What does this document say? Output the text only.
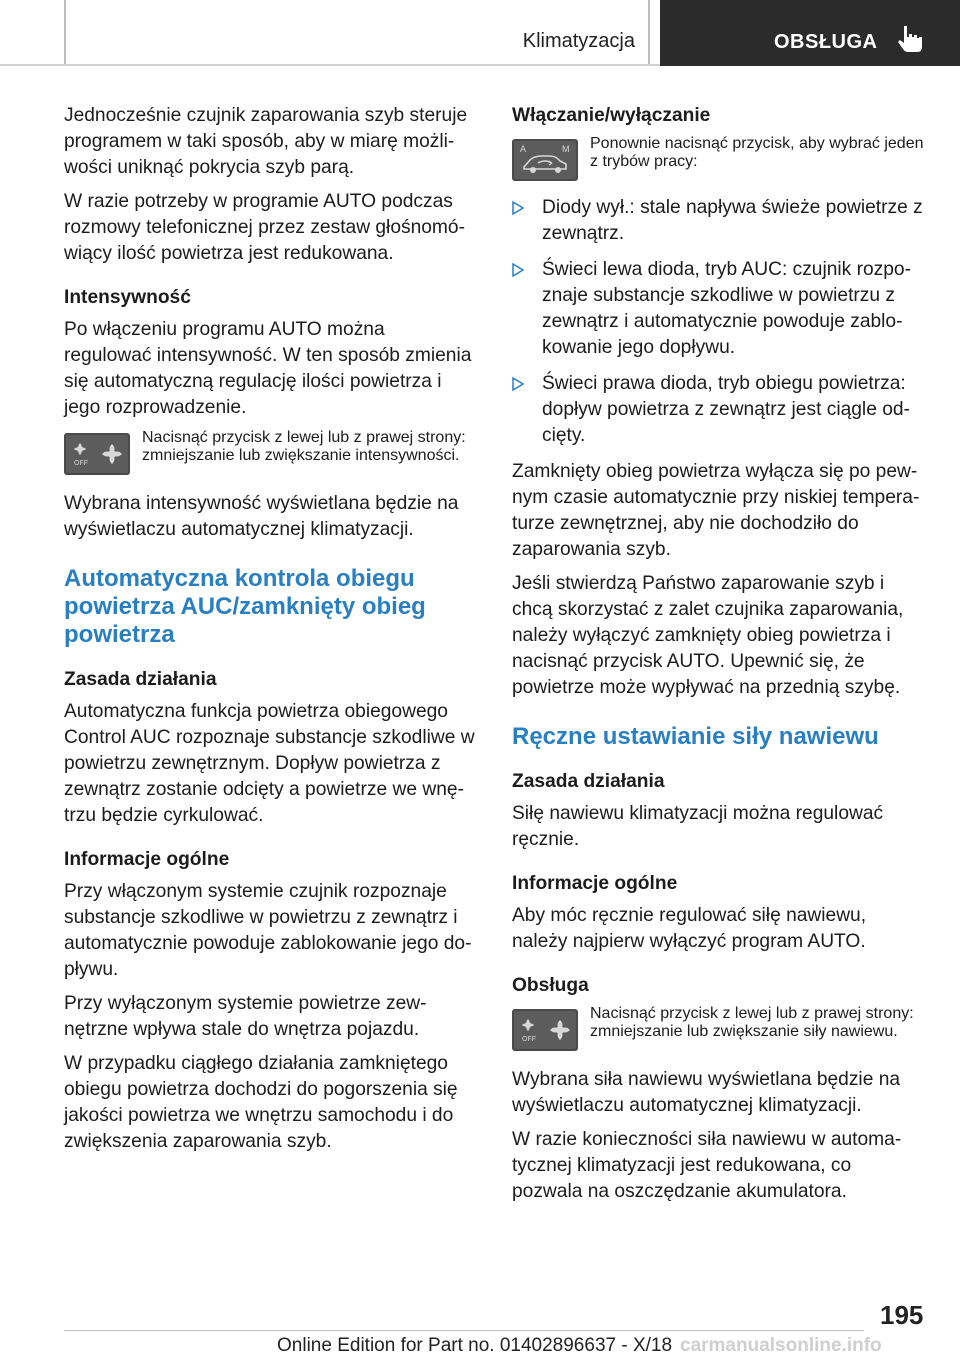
Klimatyzacja	OBSŁUGA

Jednocześnie czujnik zaparowania szyb steruje programem w taki sposób, aby w miarę możliwości uniknąć pokrycia szyb parą.

W razie potrzeby w programie AUTO podczas rozmowy telefonicznej przez zestaw głośnomówiący ilość powietrza jest redukowana.

Intensywność

Po włączeniu programu AUTO można regulować intensywność. W ten sposób zmienia się automatyczną regulację ilości powietrza i jego rozprowadzenie.

OFF
Nacisnąć przycisk z lewej lub z prawej strony: zmniejszanie lub zwiększanie intensywności.

Wybrana intensywność wyświetlana będzie na wyświetlaczu automatycznej klimatyzacji.

Automatyczna kontrola obiegu powietrza AUC/zamknięty obieg powietrza
Zasada działania

Automatyczna funkcja powietrza obiegowego Control AUC rozpoznaje substancje szkodliwe w powietrzu zewnętrznym. Dopływ powietrza z zewnątrz zostanie odcięty a powietrze we wnętrzu będzie cyrkulować.

Informacje ogólne

Przy włączonym systemie czujnik rozpoznaje substancje szkodliwe w powietrzu z zewnątrz i automatycznie powoduje zablokowanie jego dopływu.

Przy wyłączonym systemie powietrze zewnętrzne wpływa stale do wnętrza pojazdu.

W przypadku ciągłego działania zamkniętego obiegu powietrza dochodzi do pogorszenia się jakości powietrza we wnętrzu samochodu i do zwiększenia zaparowania szyb.

Włączanie/wyłączanie
A	M	Ponownie nacisnąć przycisk, aby wybrać jeden z trybów pracy:
Diody wył.: stale napływa świeże powietrze z zewnątrz.
Świeci lewa dioda, tryb AUC: czujnik rozpoznaje substancje szkodliwe w powietrzu z zewnątrz i automatycznie powoduje zablokowanie jego dopływu.
Świeci prawa dioda, tryb obiegu powietrza: dopływ powietrza z zewnątrz jest ciągle odcięty.

Zamknięty obieg powietrza wyłącza się po pewnym czasie automatycznie przy niskiej temperaturze zewnętrznej, aby nie dochodziło do zaparowania szyb.

Jeśli stwierdzą Państwo zaparowanie szyb i chcą skorzystać z zalet czujnika zaparowania, należy wyłączyć zamknięty obieg powietrza i nacisnąć przycisk AUTO. Upewnić się, że powietrze może wypływać na przednią szybę.

Ręczne ustawianie siły nawiewu
Zasada działania

Siłę nawiewu klimatyzacji można regulować ręcznie.

Informacje ogólne

Aby móc ręcznie regulować siłę nawiewu, należy najpierw wyłączyć program AUTO.

Obsługa
OFF
Nacisnąć przycisk z lewej lub z prawej strony: zmniejszanie lub zwiększanie siły nawiewu.

Wybrana siła nawiewu wyświetlana będzie na wyświetlaczu automatycznej klimatyzacji.

W razie konieczności siła nawiewu w automatycznej klimatyzacji jest redukowana, co pozwala na oszczędzanie akumulatora.

195
Online Edition for Part no. 01402896637 - X/18 carmanualsonline.info
